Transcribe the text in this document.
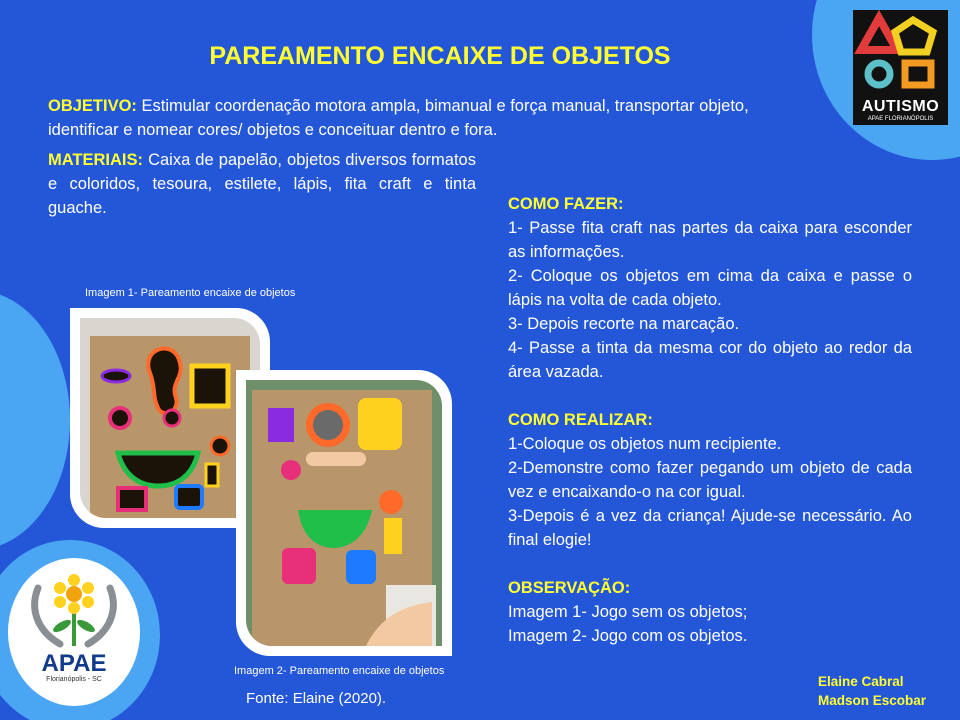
AUTISMO
APAE FLORIANÓPOLIS
PAREAMENTO ENCAIXE DE OBJETOS
OBJETIVO: Estimular coordenação motora ampla, bimanual e força manual, transportar objeto, identificar e nomear cores/ objetos e conceituar dentro e fora.
MATERIAIS: Caixa de papelão, objetos diversos formatos e coloridos, tesoura, estilete, lápis, fita craft e tinta guache.	COMO FAZER:
1- Passe fita craft nas partes da caixa para esconder as informações.
2- Coloque os objetos em cima da caixa e passe o lápis na volta de cada objeto.
3- Depois recorte na marcação.
4- Passe a tinta da mesma cor do objeto ao redor da área vazada.
COMO REALIZAR:
1-Coloque os objetos num recipiente.
2-Demonstre como fazer pegando um objeto de cada vez e encaixando-o na cor igual.
3-Depois é a vez da criança! Ajude-se necessário. Ao final elogie!
OBSERVAÇÃO:
Imagem 1- Jogo sem os objetos;
Imagem 2- Jogo com os objetos.
Imagem 1- Pareamento encaixe de objetos
Imagem 2- Pareamento encaixe de objetos
Fonte: Elaine (2020).
Elaine Cabral
Madson Escobar
APAE
Florianópolis - SC
